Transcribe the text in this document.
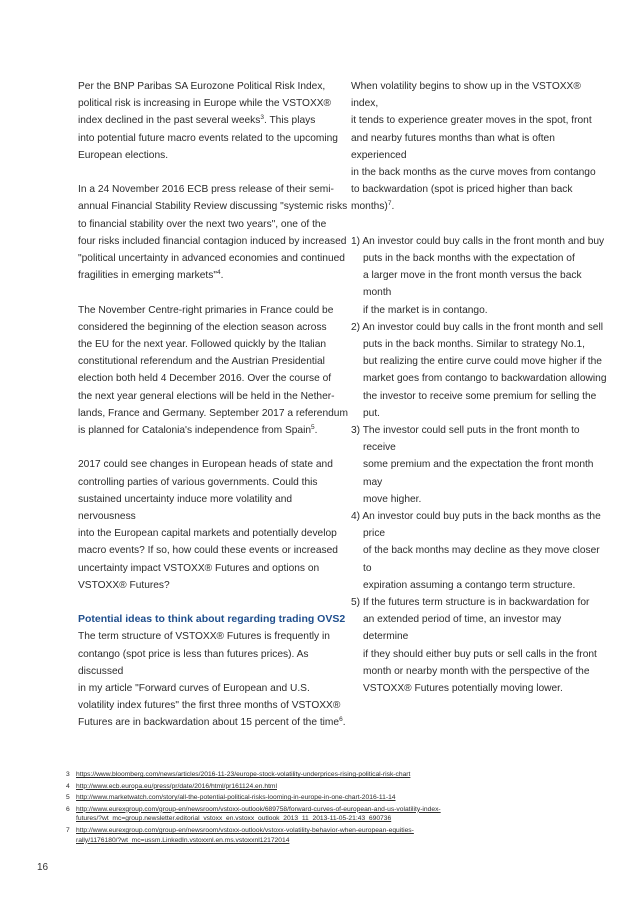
Per the BNP Paribas SA Eurozone Political Risk Index,
political risk is increasing in Europe while the VSTOXX®
index declined in the past several weeks$^3$. This plays
into potential future macro events related to the upcoming
European elections.

In a 24 November 2016 ECB press release of their semi-
annual Financial Stability Review discussing "systemic risks
to financial stability over the next two years", one of the
four risks included financial contagion induced by increased
"political uncertainty in advanced economies and continued
fragilities in emerging markets"$^4$.

The November Centre-right primaries in France could be
considered the beginning of the election season across
the EU for the next year. Followed quickly by the Italian
constitutional referendum and the Austrian Presidential
election both held 4 December 2016. Over the course of
the next year general elections will be held in the Nether-
lands, France and Germany. September 2017 a referendum
is planned for Catalonia's independence from Spain$^5$.

2017 could see changes in European heads of state and
controlling parties of various governments. Could this
sustained uncertainty induce more volatility and nervousness
into the European capital markets and potentially develop
macro events? If so, how could these events or increased
uncertainty impact VSTOXX® Futures and options on
VSTOXX® Futures?

Potential ideas to think about regarding trading OVS2

The term structure of VSTOXX® Futures is frequently in
contango (spot price is less than futures prices). As discussed
in my article "Forward curves of European and U.S.
volatility index futures" the first three months of VSTOXX®
Futures are in backwardation about 15 percent of the time$^6$.

When volatility begins to show up in the VSTOXX® index,
it tends to experience greater moves in the spot, front
and nearby futures months than what is often experienced
in the back months as the curve moves from contango
to backwardation (spot is priced higher than back months)$^7$.

1) An investor could buy calls in the front month and buy
puts in the back months with the expectation of
a larger move in the front month versus the back month
if the market is in contango.
2) An investor could buy calls in the front month and sell
puts in the back months. Similar to strategy No.1,
but realizing the entire curve could move higher if the
market goes from contango to backwardation allowing
the investor to receive some premium for selling the put.
3) The investor could sell puts in the front month to receive
some premium and the expectation the front month may
move higher.
4) An investor could buy puts in the back months as the price
of the back months may decline as they move closer to
expiration assuming a contango term structure.
5) If the futures term structure is in backwardation for
an extended period of time, an investor may determine
if they should either buy puts or sell calls in the front
month or nearby month with the perspective of the
VSTOXX® Futures potentially moving lower.
3 https://www.bloomberg.com/news/articles/2016-11-23/europe-stock-volatility-underprices-rising-political-risk-chart
4 http://www.ecb.europa.eu/press/pr/date/2016/html/pr161124.en.html
5 http://www.marketwatch.com/story/all-the-potential-political-risks-looming-in-europe-in-one-chart-2016-11-14
6 http://www.eurexgroup.com/group-en/newsroom/vstoxx-outlook/689758/forward-curves-of-european-and-us-volatility-index-
futures/?wt_mc=group.newsletter.editorial_vstoxx_en.vstoxx_outlook_2013_11_2013-11-05-21:43_690736
7 http://www.eurexgroup.com/group-en/newsroom/vstoxx-outlook/vstoxx-volatility-behavior-when-european-equities-
rally/1176180/?wt_mc=ussm.LinkedIn.vstoxxnl.en.ms.vstoxxnl12172014
16
